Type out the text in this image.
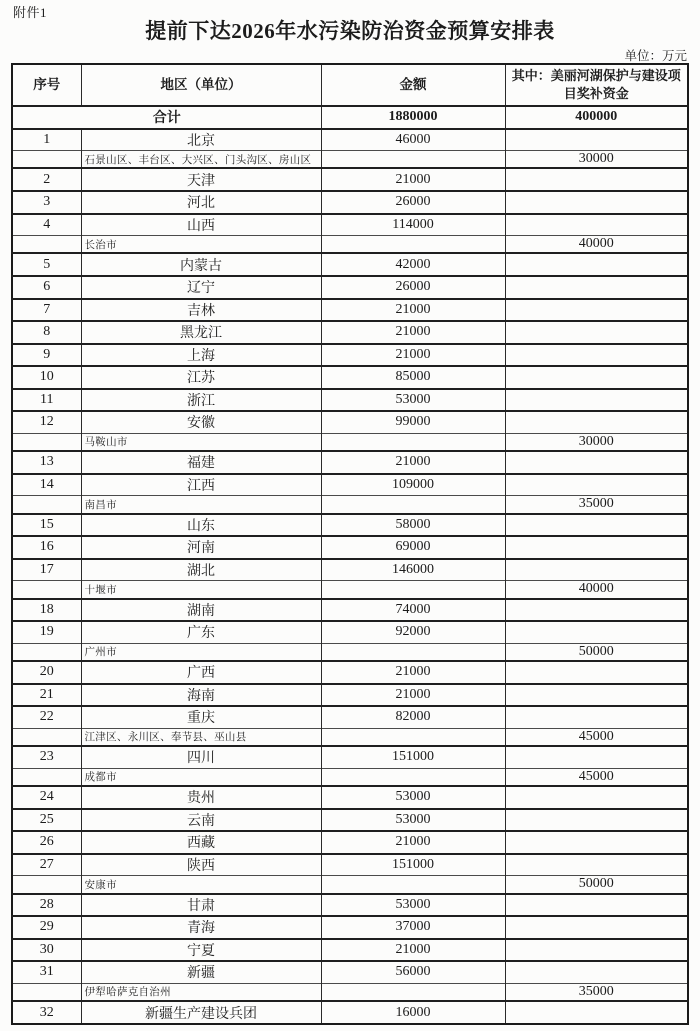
附件1
提前下达2026年水污染防治资金预算安排表
单位：万元
序号	地区（单位）	金额	其中：美丽河湖保护与建设项目奖补资金
合计		1880000	400000
1	北京	46000	
	石景山区、丰台区、大兴区、门头沟区、房山区		30000
2	天津	21000	
3	河北	26000	
4	山西	114000	
	长治市		40000
5	内蒙古	42000	
6	辽宁	26000	
7	吉林	21000	
8	黑龙江	21000	
9	上海	21000	
10	江苏	85000	
11	浙江	53000	
12	安徽	99000	
	马鞍山市		30000
13	福建	21000	
14	江西	109000	
	南昌市		35000
15	山东	58000	
16	河南	69000	
17	湖北	146000	
	十堰市		40000
18	湖南	74000	
19	广东	92000	
	广州市		50000
20	广西	21000	
21	海南	21000	
22	重庆	82000	
	江津区、永川区、奉节县、巫山县		45000
23	四川	151000	
	成都市		45000
24	贵州	53000	
25	云南	53000	
26	西藏	21000	
27	陕西	151000	
	安康市		50000
28	甘肃	53000	
29	青海	37000	
30	宁夏	21000	
31	新疆	56000	
	伊犁哈萨克自治州		35000
32	新疆生产建设兵团	16000	
